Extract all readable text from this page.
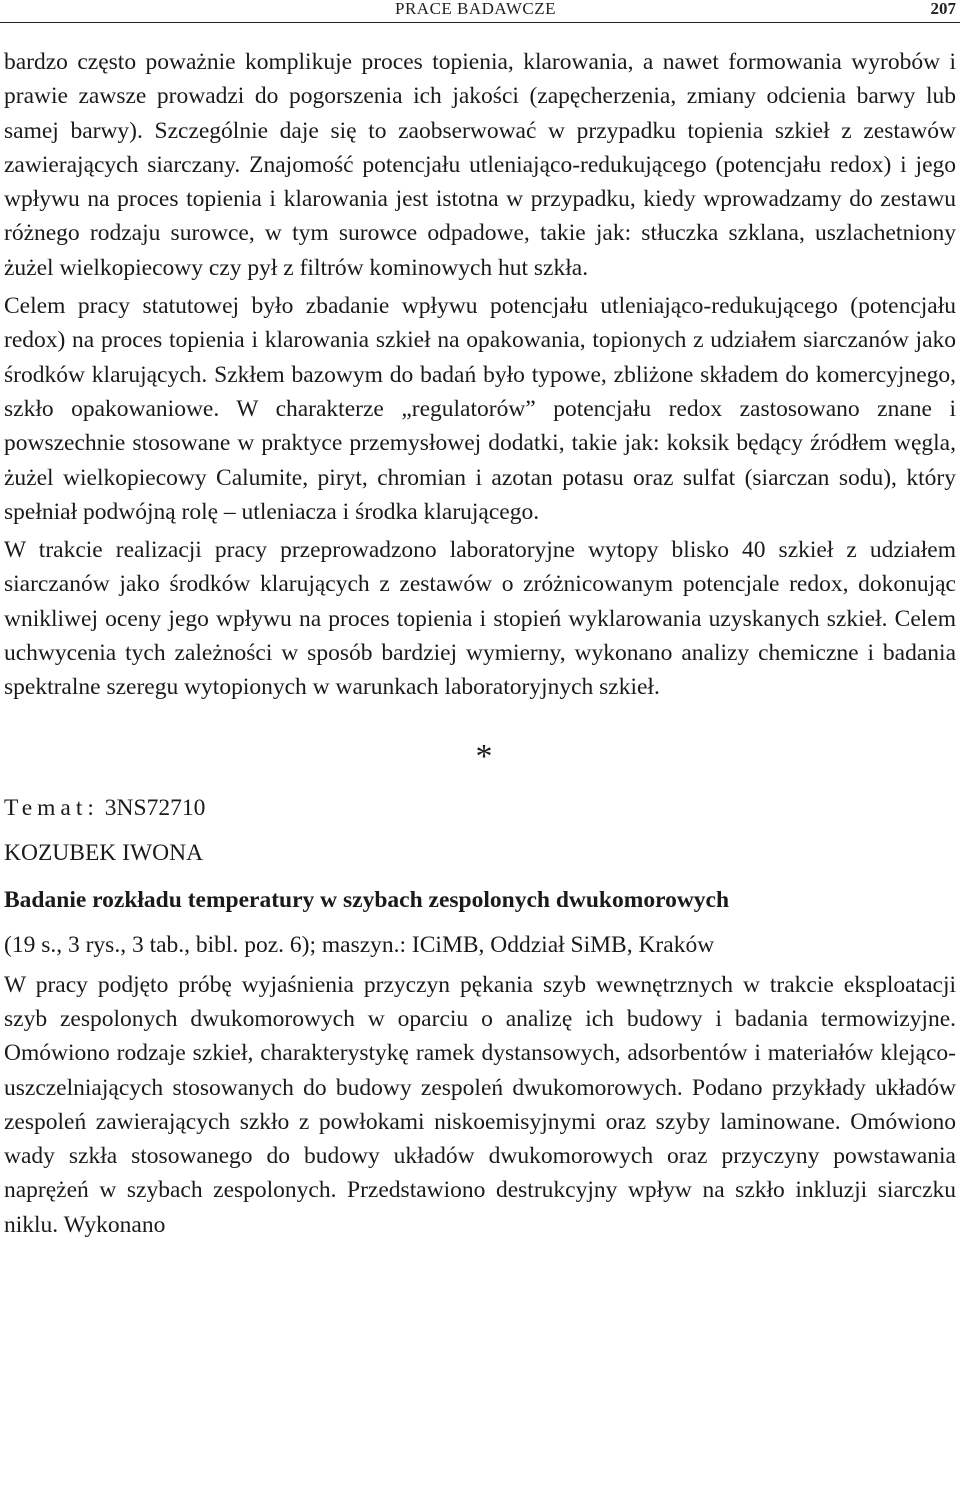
PRACE BADAWCZE	207

bardzo często poważnie komplikuje proces topienia, klarowania, a nawet formowania wyrobów i prawie zawsze prowadzi do pogorszenia ich jakości (zapęcherzenia, zmiany odcienia barwy lub samej barwy). Szczególnie daje się to zaobserwować w przypadku topienia szkieł z zestawów zawierających siarczany. Znajomość potencjału utleniająco-redukującego (potencjału redox) i jego wpływu na proces topienia i klarowania jest istotna w przypadku, kiedy wprowadzamy do zestawu różnego rodzaju surowce, w tym surowce odpadowe, takie jak: stłuczka szklana, uszlachetniony żużel wielkopiecowy czy pył z filtrów kominowych hut szkła.

Celem pracy statutowej było zbadanie wpływu potencjału utleniająco-redukującego (potencjału redox) na proces topienia i klarowania szkieł na opakowania, topionych z udziałem siarczanów jako środków klarujących. Szkłem bazowym do badań było typowe, zbliżone składem do komercyjnego, szkło opakowaniowe. W charakterze „regulatorów” potencjału redox zastosowano znane i powszechnie stosowane w praktyce przemysłowej dodatki, takie jak: koksik będący źródłem węgla, żużel wielkopiecowy Calumite, piryt, chromian i azotan potasu oraz sulfat (siarczan sodu), który spełniał podwójną rolę – utleniacza i środka klarującego.

W trakcie realizacji pracy przeprowadzono laboratoryjne wytopy blisko 40 szkieł z udziałem siarczanów jako środków klarujących z zestawów o zróżnicowanym potencjale redox, dokonując wnikliwej oceny jego wpływu na proces topienia i stopień wyklarowania uzyskanych szkieł. Celem uchwycenia tych zależności w sposób bardziej wymierny, wykonano analizy chemiczne i badania spektralne szeregu wytopionych w warunkach laboratoryjnych szkieł.

*
Temat: 3NS72710
KOZUBEK IWONA
Badanie rozkładu temperatury w szybach zespolonych dwukomorowych
(19 s., 3 rys., 3 tab., bibl. poz. 6); maszyn.: ICiMB, Oddział SiMB, Kraków

W pracy podjęto próbę wyjaśnienia przyczyn pękania szyb wewnętrznych w trakcie eksploatacji szyb zespolonych dwukomorowych w oparciu o analizę ich budowy i badania termowizyjne. Omówiono rodzaje szkieł, charakterystykę ramek dystansowych, adsorbentów i materiałów klejąco-uszczelniających stosowanych do budowy zespoleń dwukomorowych. Podano przykłady układów zespoleń zawierających szkło z powłokami niskoemisyjnymi oraz szyby laminowane. Omówiono wady szkła stosowanego do budowy układów dwukomorowych oraz przyczyny powstawania naprężeń w szybach zespolonych. Przedstawiono destrukcyjny wpływ na szkło inkluzji siarczku niklu. Wykonano
